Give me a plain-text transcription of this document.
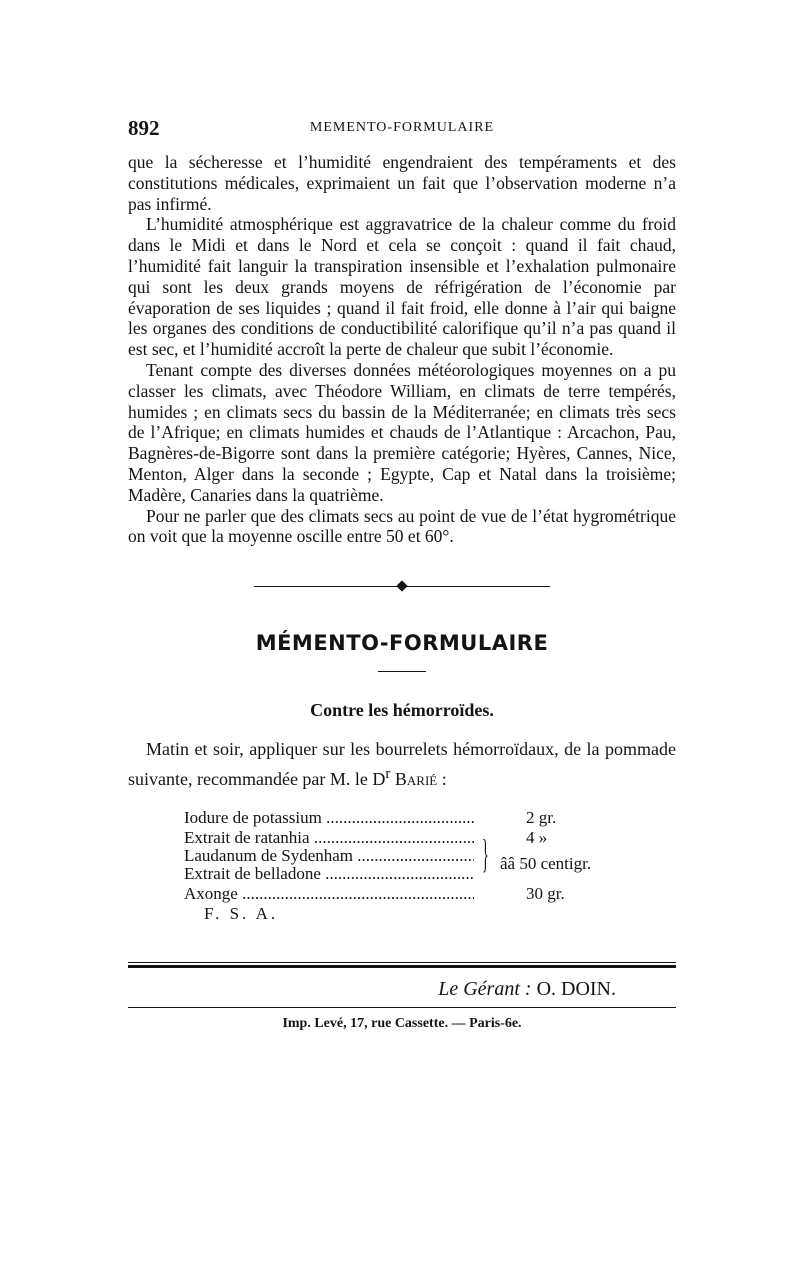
892	MEMENTO-FORMULAIRE

que la sécheresse et l’humidité engendraient des tempéraments et des constitutions médicales, exprimaient un fait que l’observation moderne n’a pas infirmé.

L’humidité atmosphérique est aggravatrice de la chaleur comme du froid dans le Midi et dans le Nord et cela se conçoit : quand il fait chaud, l’humidité fait languir la transpiration insensible et l’exhalation pulmonaire qui sont les deux grands moyens de réfrigération de l’économie par évaporation de ses liquides ; quand il fait froid, elle donne à l’air qui baigne les organes des conditions de conductibilité calorifique qu’il n’a pas quand il est sec, et l’humidité accroît la perte de chaleur que subit l’économie.

Tenant compte des diverses données météorologiques moyennes on a pu classer les climats, avec Théodore William, en climats de terre tempérés, humides ; en climats secs du bassin de la Méditerranée; en climats très secs de l’Afrique; en climats humides et chauds de l’Atlantique : Arcachon, Pau, Bagnères-de-Bigorre sont dans la première catégorie; Hyères, Cannes, Nice, Menton, Alger dans la seconde ; Egypte, Cap et Natal dans la troisième; Madère, Canaries dans la quatrième.

Pour ne parler que des climats secs au point de vue de l’état hygrométrique on voit que la moyenne oscille entre 50 et 60°.

MÉMENTO-FORMULAIRE
Contre les hémorroïdes.
Matin et soir, appliquer sur les bourrelets hémorroïdaux, de la pommade suivante, recommandée par M. le $D^r$ Barié :
Iodure de potassium .....	2 gr.
Extrait de ratanhia .....	4 »
Laudanum de Sydenham .....
Extrait de belladone .....	} ââ 50 centigr.
Axonge .....	30 gr.
F. S. A.
Le Gérant : O. DOIN.
Imp. Levé, 17, rue Cassette. — Paris-6e.
